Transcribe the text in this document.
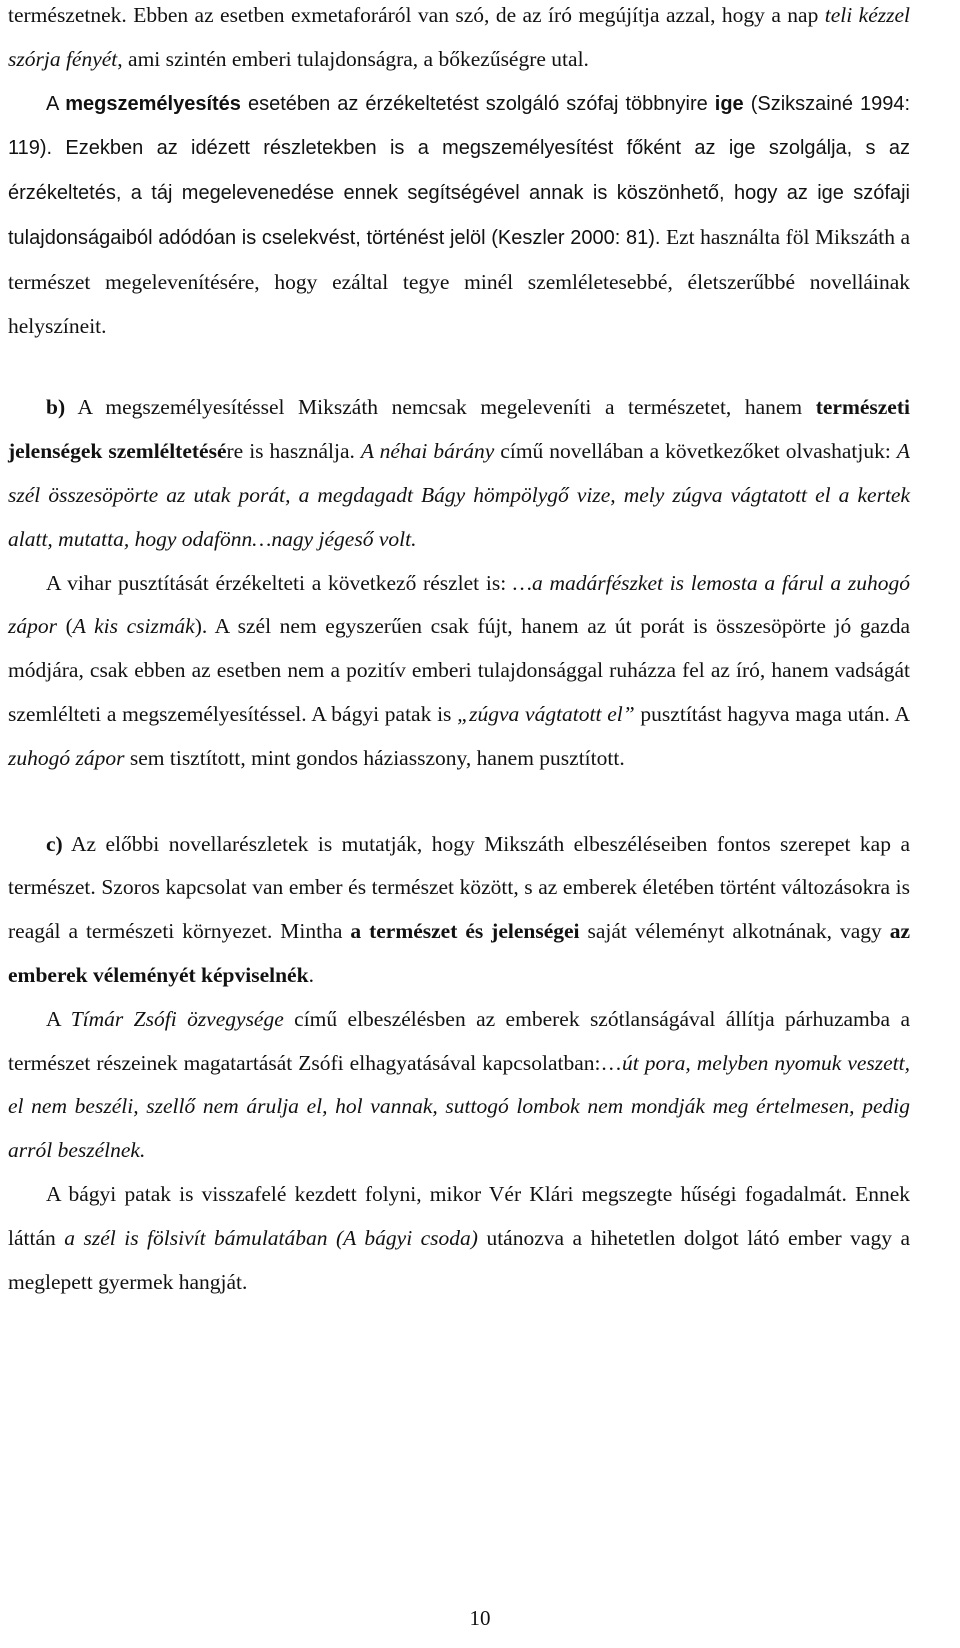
természetnek. Ebben az esetben exmetaforáról van szó, de az író megújítja azzal, hogy a nap teli kézzel szórja fényét, ami szintén emberi tulajdonságra, a bőkezűségre utal.

A megszemélyesítés esetében az érzékeltetést szolgáló szófaj többnyire ige (Szikszainé 1994: 119). Ezekben az idézett részletekben is a megszemélyesítést főként az ige szolgálja, s az érzékeltetés, a táj megelevenedése ennek segítségével annak is köszönhető, hogy az ige szófaji tulajdonságaiból adódóan is cselekvést, történést jelöl (Keszler 2000: 81). Ezt használta föl Mikszáth a természet megelevenítésére, hogy ezáltal tegye minél szemléletesebbé, életszerűbbé novelláinak helyszíneit.

b) A megszemélyesítéssel Mikszáth nemcsak megeleveníti a természetet, hanem természeti jelenségek szemléltetésére is használja. A néhai bárány című novellában a következőket olvashatjuk: A szél összesöpörte az utak porát, a megdagadt Bágy hömpölygő vize, mely zúgva vágtatott el a kertek alatt, mutatta, hogy odafönn…nagy jégeső volt.

A vihar pusztítását érzékelteti a következő részlet is: …a madárfészket is lemosta a fárul a zuhogó zápor (A kis csizmák). A szél nem egyszerűen csak fújt, hanem az út porát is összesöpörte jó gazda módjára, csak ebben az esetben nem a pozitív emberi tulajdonsággal ruházza fel az író, hanem vadságát szemlélteti a megszemélyesítéssel. A bágyi patak is „zúgva vágtatott el” pusztítást hagyva maga után. A zuhogó zápor sem tisztított, mint gondos háziasszony, hanem pusztított.

c) Az előbbi novellarészletek is mutatják, hogy Mikszáth elbeszéléseiben fontos szerepet kap a természet. Szoros kapcsolat van ember és természet között, s az emberek életében történt változásokra is reagál a természeti környezet. Mintha a természet és jelenségei saját véleményt alkotnának, vagy az emberek véleményét képviselnék.

A Tímár Zsófi özvegysége című elbeszélésben az emberek szótlanságával állítja párhuzamba a természet részeinek magatartását Zsófi elhagyatásával kapcsolatban:…út pora, melyben nyomuk veszett, el nem beszéli, szellő nem árulja el, hol vannak, suttogó lombok nem mondják meg értelmesen, pedig arról beszélnek.

A bágyi patak is visszafelé kezdett folyni, mikor Vér Klári megszegte hűségi fogadalmát. Ennek láttán a szél is fölsivít bámulatában (A bágyi csoda) utánozva a hihetetlen dolgot látó ember vagy a meglepett gyermek hangját.

10
